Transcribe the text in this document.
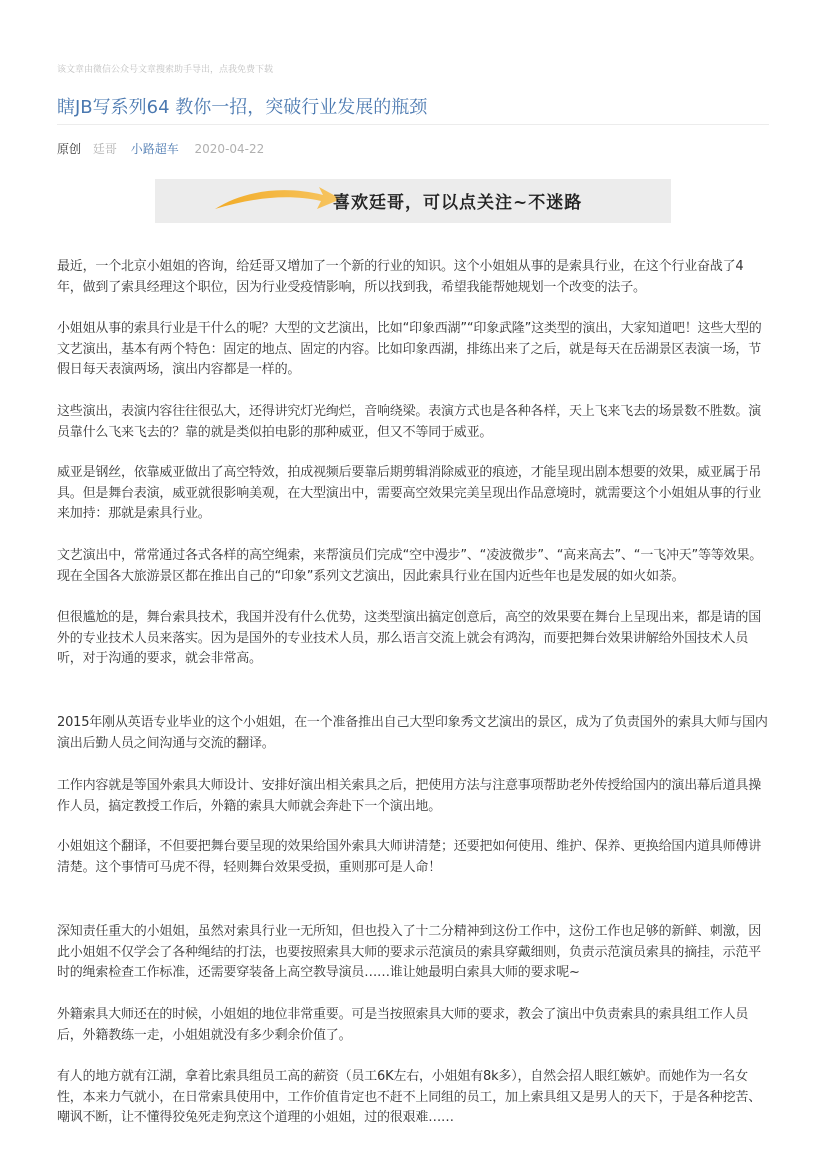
该文章由微信公众号文章搜索助手导出，点我免费下载
瞎JB写系列64 教你一招，突破行业发展的瓶颈
原创 廷哥 小路超车 2020-04-22
喜欢廷哥，可以点关注~不迷路

最近，一个北京小姐姐的咨询，给廷哥又增加了一个新的行业的知识。这个小姐姐从事的是索具行业，在这个行业奋战了4年，做到了索具经理这个职位，因为行业受疫情影响，所以找到我，希望我能帮她规划一个改变的法子。

小姐姐从事的索具行业是干什么的呢？大型的文艺演出，比如“印象西湖”“印象武隆”这类型的演出，大家知道吧！这些大型的文艺演出，基本有两个特色：固定的地点、固定的内容。比如印象西湖，排练出来了之后，就是每天在岳湖景区表演一场，节假日每天表演两场，演出内容都是一样的。

这些演出，表演内容往往很弘大，还得讲究灯光绚烂，音响绕梁。表演方式也是各种各样，天上飞来飞去的场景数不胜数。演员靠什么飞来飞去的？靠的就是类似拍电影的那种威亚，但又不等同于威亚。

威亚是钢丝，依靠威亚做出了高空特效，拍成视频后要靠后期剪辑消除威亚的痕迹，才能呈现出剧本想要的效果，威亚属于吊具。但是舞台表演，威亚就很影响美观，在大型演出中，需要高空效果完美呈现出作品意境时，就需要这个小姐姐从事的行业来加持：那就是索具行业。

文艺演出中，常常通过各式各样的高空绳索，来帮演员们完成“空中漫步”、“凌波微步”、“高来高去”、“一飞冲天”等等效果。现在全国各大旅游景区都在推出自己的“印象”系列文艺演出，因此索具行业在国内近些年也是发展的如火如荼。

但很尴尬的是，舞台索具技术，我国并没有什么优势，这类型演出搞定创意后，高空的效果要在舞台上呈现出来，都是请的国外的专业技术人员来落实。因为是国外的专业技术人员，那么语言交流上就会有鸿沟，而要把舞台效果讲解给外国技术人员听，对于沟通的要求，就会非常高。

2015年刚从英语专业毕业的这个小姐姐，在一个准备推出自己大型印象秀文艺演出的景区，成为了负责国外的索具大师与国内演出后勤人员之间沟通与交流的翻译。

工作内容就是等国外索具大师设计、安排好演出相关索具之后，把使用方法与注意事项帮助老外传授给国内的演出幕后道具操作人员，搞定教授工作后，外籍的索具大师就会奔赴下一个演出地。

小姐姐这个翻译，不但要把舞台要呈现的效果给国外索具大师讲清楚；还要把如何使用、维护、保养、更换给国内道具师傅讲清楚。这个事情可马虎不得，轻则舞台效果受损，重则那可是人命！

深知责任重大的小姐姐，虽然对索具行业一无所知，但也投入了十二分精神到这份工作中，这份工作也足够的新鲜、刺激，因此小姐姐不仅学会了各种绳结的打法，也要按照索具大师的要求示范演员的索具穿戴细则，负责示范演员索具的摘挂，示范平时的绳索检查工作标准，还需要穿装备上高空教导演员……谁让她最明白索具大师的要求呢~

外籍索具大师还在的时候，小姐姐的地位非常重要。可是当按照索具大师的要求，教会了演出中负责索具的索具组工作人员后，外籍教练一走，小姐姐就没有多少剩余价值了。

有人的地方就有江湖，拿着比索具组员工高的薪资（员工6K左右，小姐姐有8k多），自然会招人眼红嫉妒。而她作为一名女性，本来力气就小，在日常索具使用中，工作价值肯定也不赶不上同组的员工，加上索具组又是男人的天下，于是各种挖苦、嘲讽不断，让不懂得狡兔死走狗烹这个道理的小姐姐，过的很艰难……
